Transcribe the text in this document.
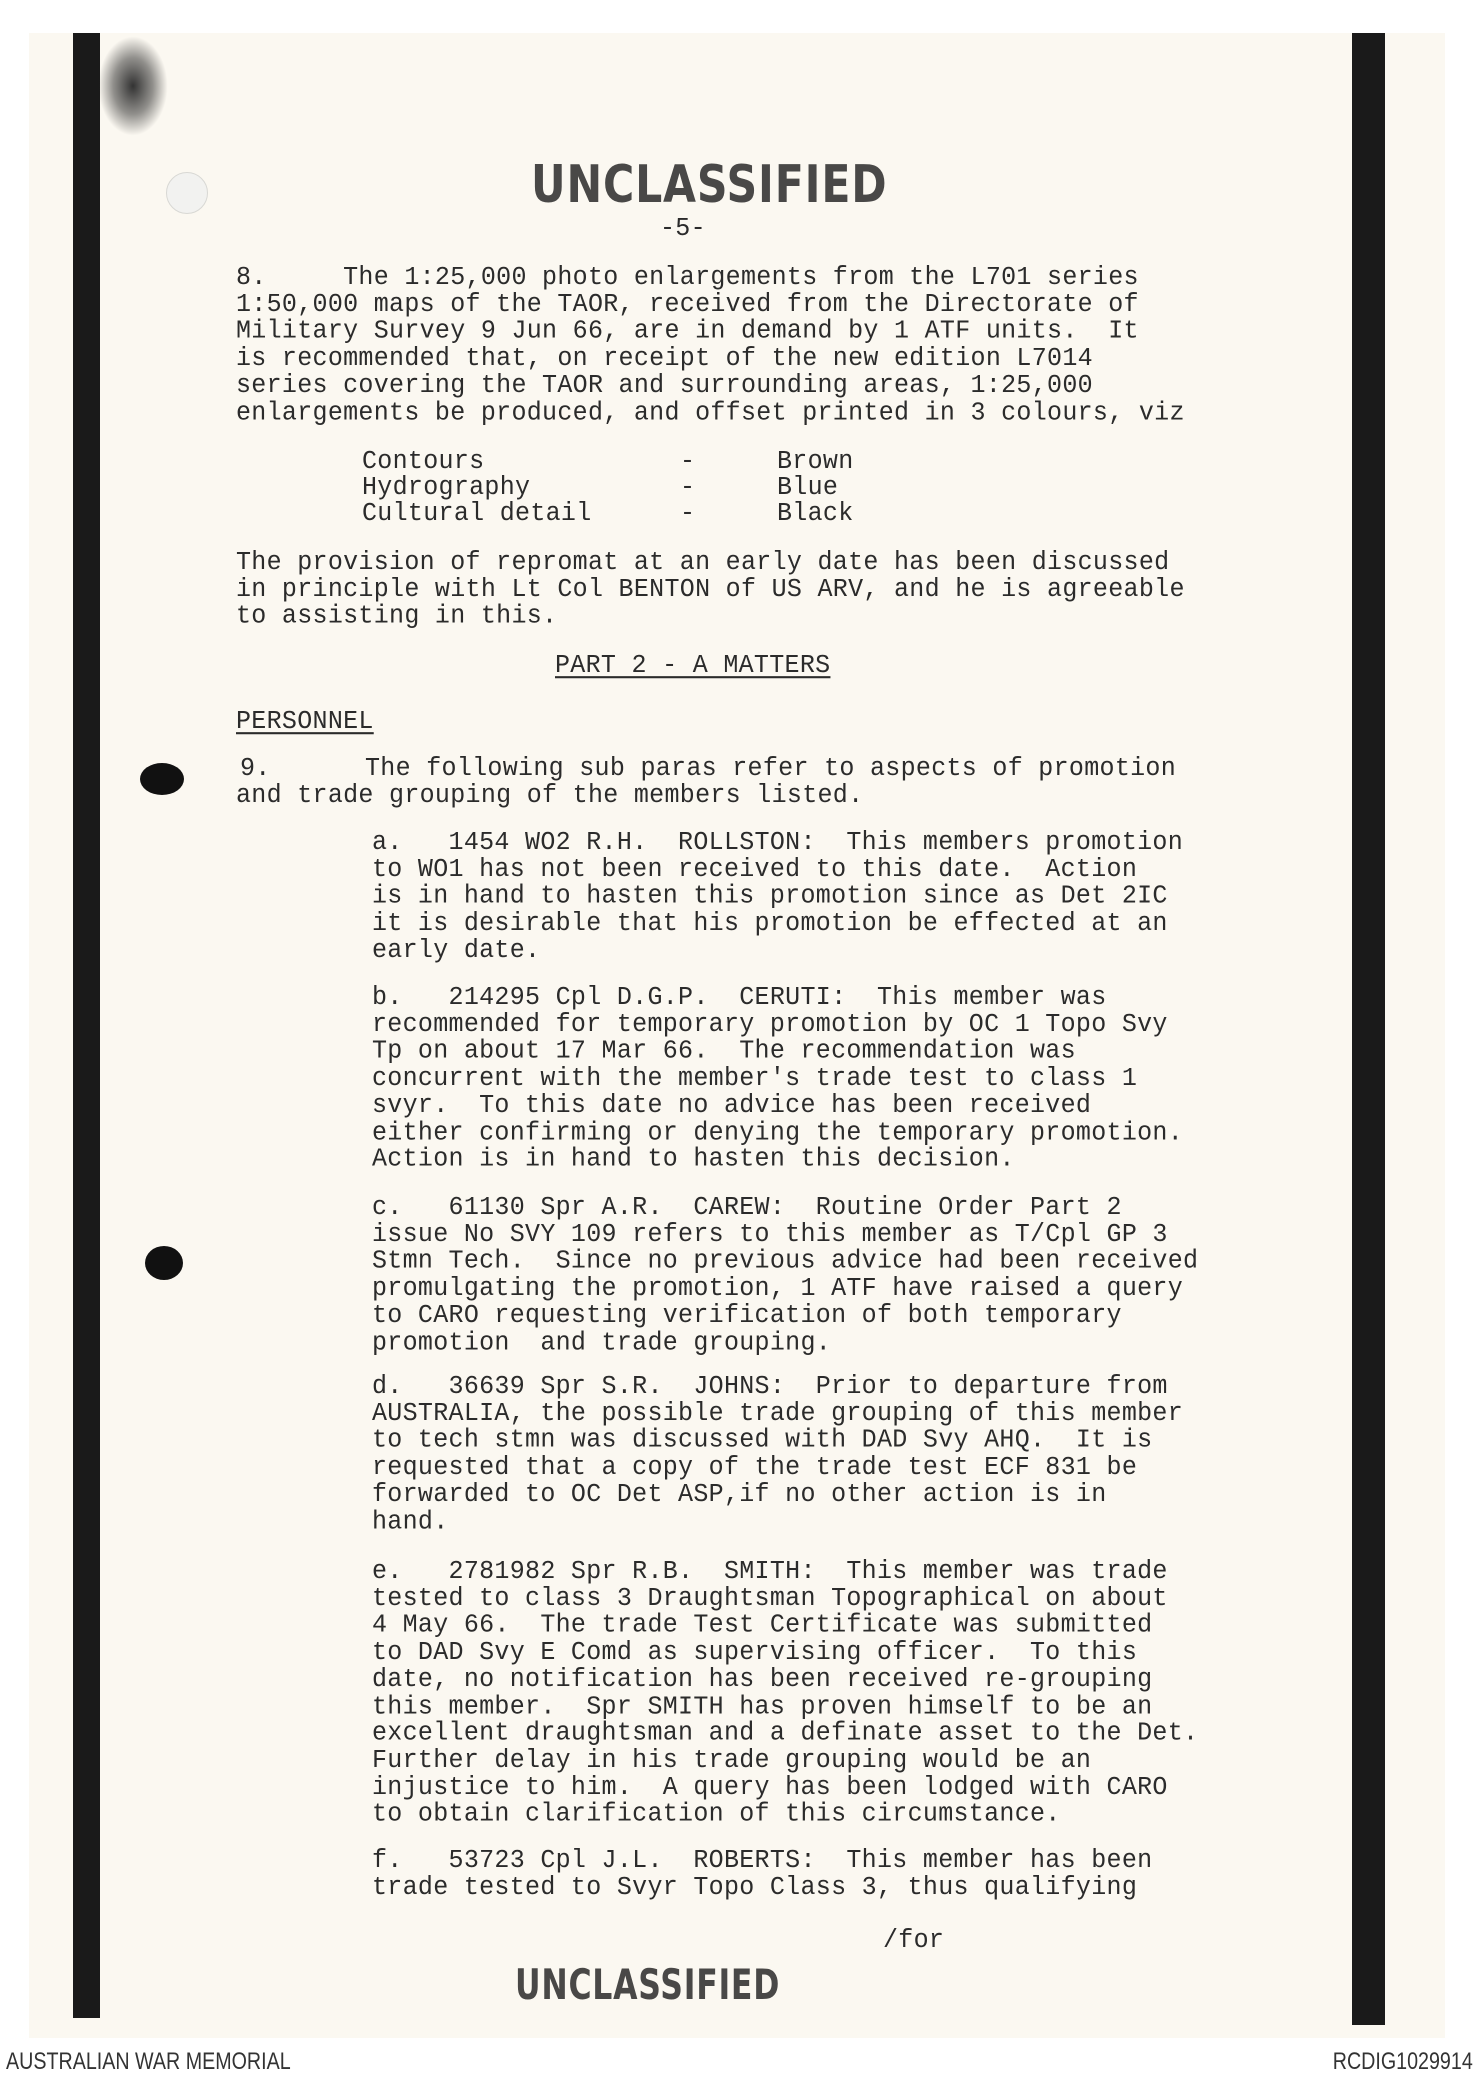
UNCLASSIFIED
-5-
8.     The 1:25,000 photo enlargements from the L701 series
1:50,000 maps of the TAOR, received from the Directorate of
Military Survey 9 Jun 66, are in demand by 1 ATF units.  It
is recommended that, on receipt of the new edition L7014
series covering the TAOR and surrounding areas, 1:25,000
enlargements be produced, and offset printed in 3 colours, viz
Contours	-	Brown
Hydrography	-	Blue
Cultural detail	-	Black
The provision of repromat at an early date has been discussed
in principle with Lt Col BENTON of US ARV, and he is agreeable
to assisting in this.
PART 2 - A MATTERS
PERSONNEL
9.	The following sub paras refer to aspects of promotion
and trade grouping of the members listed.
a.   1454 WO2 R.H.  ROLLSTON:  This members promotion
to WO1 has not been received to this date.  Action
is in hand to hasten this promotion since as Det 2IC
it is desirable that his promotion be effected at an
early date.
b.   214295 Cpl D.G.P.  CERUTI:  This member was
recommended for temporary promotion by OC 1 Topo Svy
Tp on about 17 Mar 66.  The recommendation was
concurrent with the member's trade test to class 1
svyr.  To this date no advice has been received
either confirming or denying the temporary promotion.
Action is in hand to hasten this decision.
c.   61130 Spr A.R.  CAREW:  Routine Order Part 2
issue No SVY 109 refers to this member as T/Cpl GP 3
Stmn Tech.  Since no previous advice had been received
promulgating the promotion, 1 ATF have raised a query
to CARO requesting verification of both temporary
promotion  and trade grouping.
d.   36639 Spr S.R.  JOHNS:  Prior to departure from
AUSTRALIA, the possible trade grouping of this member
to tech stmn was discussed with DAD Svy AHQ.  It is
requested that a copy of the trade test ECF 831 be
forwarded to OC Det ASP,if no other action is in
hand.
e.   2781982 Spr R.B.  SMITH:  This member was trade
tested to class 3 Draughtsman Topographical on about
4 May 66.  The trade Test Certificate was submitted
to DAD Svy E Comd as supervising officer.  To this
date, no notification has been received re-grouping
this member.  Spr SMITH has proven himself to be an
excellent draughtsman and a definate asset to the Det.
Further delay in his trade grouping would be an
injustice to him.  A query has been lodged with CARO
to obtain clarification of this circumstance.
f.   53723 Cpl J.L.  ROBERTS:  This member has been
trade tested to Svyr Topo Class 3, thus qualifying
/for
UNCLASSIFIED
AUSTRALIAN WAR MEMORIAL	RCDIG1029914
